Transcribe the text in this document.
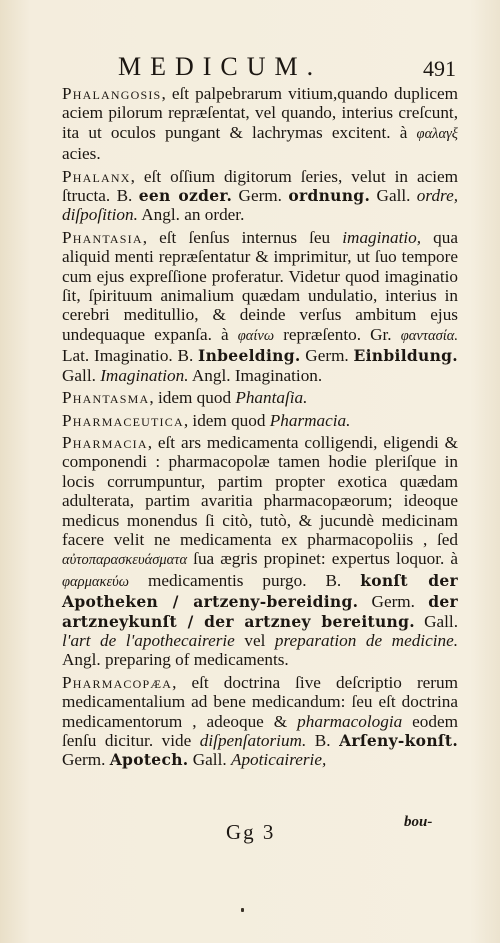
MEDICUM.	491

Phalangosis, eſt palpebrarum vitium,quando duplicem aciem pilorum repræſentat, vel quando, interius creſcunt, ita ut oculos pungant & lachrymas excitent. à φαλαγξ acies.

Phalanx, eſt oſſium digitorum ſeries, velut in aciem ſtructa. B. een ozder. Germ. ordnung. Gall. ordre, diſpoſition. Angl. an order.

Phantasia, eſt ſenſus internus ſeu imaginatio, qua aliquid menti repræſentatur & imprimitur, ut ſuo tempore cum ejus expreſſione proferatur. Videtur quod imaginatio ſit, ſpirituum animalium quædam undulatio, interius in cerebri meditullio, & deinde verſus ambitum ejus undequaque expanſa. à φαίνω repræſento. Gr. φαντασία. Lat. Imaginatio. B. Inbeelding. Germ. Einbildung. Gall. Imagination. Angl. Imagination.

Phantasma, idem quod Phantaſia.

Pharmaceutica, idem quod Pharmacia.

Pharmacia, eſt ars medicamenta colligendi, eligendi & componendi : pharmacopolæ tamen hodie pleriſque in locis corrumpuntur, partim propter exotica quædam adulterata, partim avaritia pharmacopæorum; ideoque medicus monendus ſi citò, tutò, & jucundè medicinam facere velit ne medicamenta ex pharmacopoliis , ſed αὐτοπαρασκευάσματα ſua ægris propinet: expertus loquor. à φαρμακεύω medicamentis purgo. B. konſt der Apotheken / artzeny-bereiding. Germ. der artzneykunſt / der artzney bereitung. Gall. l'art de l'apothecairerie vel preparation de medicine. Angl. preparing of medicaments.

Pharmacopæa, eſt doctrina ſive deſcriptio rerum medicamentalium ad bene medicandum: ſeu eſt doctrina medicamentorum , adeoque & pharmacologia eodem ſenſu dicitur. vide diſpenſatorium. B. Arſeny-konſt. Germ. Apotech. Gall. Apoticairerie,

Gg 3	bou-
